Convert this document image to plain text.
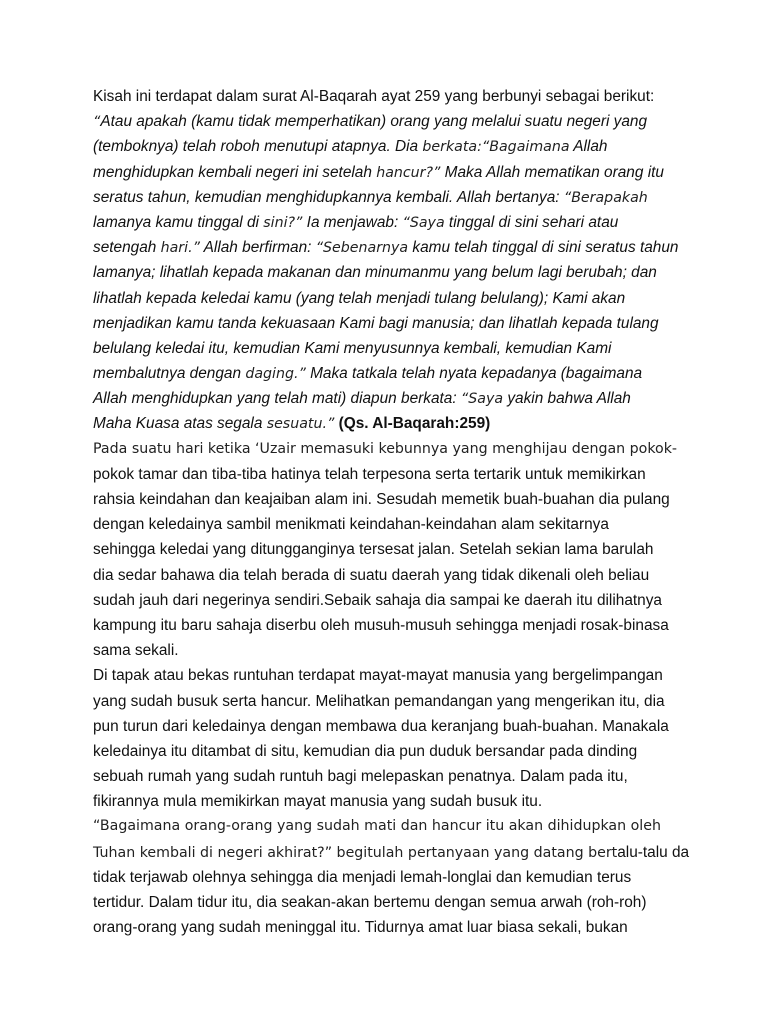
Kisah ini terdapat dalam surat Al-Baqarah ayat 259 yang berbunyi sebagai berikut:
“Atau apakah (kamu tidak memperhatikan) orang yang melalui suatu negeri yang
(temboknya) telah roboh menutupi atapnya. Dia berkata:“Bagaimana Allah
menghidupkan kembali negeri ini setelah hancur?” Maka Allah mematikan orang itu
seratus tahun, kemudian menghidupkannya kembali. Allah bertanya: “Berapakah
lamanya kamu tinggal di sini?” Ia menjawab: “Saya tinggal di sini sehari atau
setengah hari.” Allah berfirman: “Sebenarnya kamu telah tinggal di sini seratus tahun
lamanya; lihatlah kepada makanan dan minumanmu yang belum lagi berubah; dan
lihatlah kepada keledai kamu (yang telah menjadi tulang belulang); Kami akan
menjadikan kamu tanda kekuasaan Kami bagi manusia; dan lihatlah kepada tulang
belulang keledai itu, kemudian Kami menyusunnya kembali, kemudian Kami
membalutnya dengan daging.” Maka tatkala telah nyata kepadanya (bagaimana
Allah menghidupkan yang telah mati) diapun berkata: “Saya yakin bahwa Allah
Maha Kuasa atas segala sesuatu.” (Qs. Al-Baqarah:259)
Pada suatu hari ketika ‘Uzair memasuki kebunnya yang menghijau dengan pokok-
pokok tamar dan tiba-tiba hatinya telah terpesona serta tertarik untuk memikirkan
rahsia keindahan dan keajaiban alam ini. Sesudah memetik buah-buahan dia pulang
dengan keledainya sambil menikmati keindahan-keindahan alam sekitarnya
sehingga keledai yang ditungganginya tersesat jalan. Setelah sekian lama barulah
dia sedar bahawa dia telah berada di suatu daerah yang tidak dikenali oleh beliau
sudah jauh dari negerinya sendiri.Sebaik sahaja dia sampai ke daerah itu dilihatnya
kampung itu baru sahaja diserbu oleh musuh-musuh sehingga menjadi rosak-binasa
sama sekali.
Di tapak atau bekas runtuhan terdapat mayat-mayat manusia yang bergelimpangan
yang sudah busuk serta hancur. Melihatkan pemandangan yang mengerikan itu, dia
pun turun dari keledainya dengan membawa dua keranjang buah-buahan. Manakala
keledainya itu ditambat di situ, kemudian dia pun duduk bersandar pada dinding
sebuah rumah yang sudah runtuh bagi melepaskan penatnya. Dalam pada itu,
fikirannya mula memikirkan mayat manusia yang sudah busuk itu.
“Bagaimana orang-orang yang sudah mati dan hancur itu akan dihidupkan oleh
Tuhan kembali di negeri akhirat?” begitulah pertanyaan yang datang bertalu-talu da
tidak terjawab olehnya sehingga dia menjadi lemah-longlai dan kemudian terus
tertidur. Dalam tidur itu, dia seakan-akan bertemu dengan semua arwah (roh-roh)
orang-orang yang sudah meninggal itu. Tidurnya amat luar biasa sekali, bukan
